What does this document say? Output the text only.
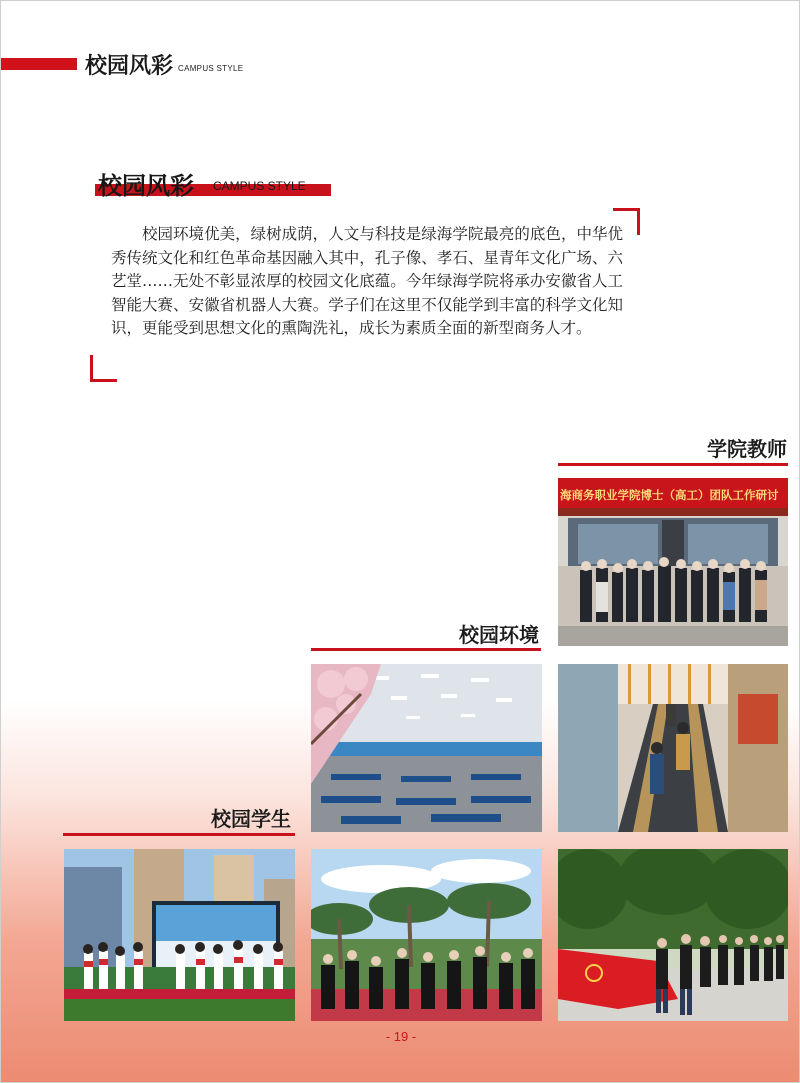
校园风彩 CAMPUS STYLE
校园风彩 CAMPUS STYLE
校园环境优美，绿树成荫，人文与科技是绿海学院最亮的底色，中华优秀传统文化和红色革命基因融入其中，孔子像、孝石、星青年文化广场、六艺堂……无处不彰显浓厚的校园文化底蕴。今年绿海学院将承办安徽省人工智能大赛、安徽省机器人大赛。学子们在这里不仅能学到丰富的科学文化知识，更能受到思想文化的熏陶洗礼，成长为素质全面的新型商务人才。
学院教师
校园环境
校园学生
海商务职业学院博士（高工）团队工作研讨
- 19 -
